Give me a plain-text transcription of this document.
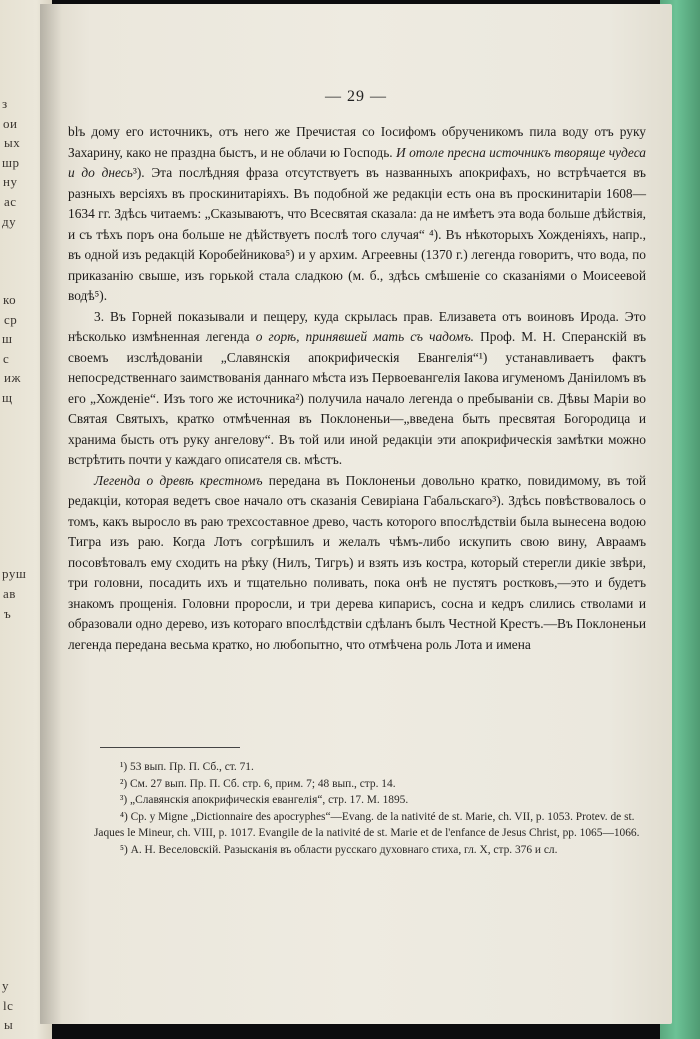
з
ои
ых
шр
ну
ас
ду
ко
ср
ш
с
иж
щ
руш
ав
ъ
у
lc
ы
— 29 —

blъ дому его источникъ, отъ него же Пречистая со Іосифомъ обрученикомъ пила воду отъ руку Захарину, како не праздна быстъ, и не облачи ю Господь. И отоле пресна источникъ творяще чудеса и до днесь³). Эта послѣдняя фраза отсутствуетъ въ названныхъ апокрифахъ, но встрѣчается въ разныхъ версіяхъ въ проскинитаріяхъ. Въ подобной же редакціи есть она въ проскинитаріи 1608—1634 гг. Здѣсь читаемъ: „Сказываютъ, что Всесвятая сказала: да не имѣетъ эта вода больше дѣйствія, и съ тѣхъ поръ она больше не дѣйствуетъ послѣ того случая“ ⁴). Въ нѣкоторыхъ Хожденіяхъ, напр., въ одной изъ редакцій Коробейникова⁵) и у архим. Агреевны (1370 г.) легенда говоритъ, что вода, по приказанію свыше, изъ горькой стала сладкою (м. б., здѣсь смѣшеніе со сказаніями о Моисеевой водѣ⁵).

3. Въ Горней показывали и пещеру, куда скрылась прав. Елизавета отъ воиновъ Ирода. Это нѣсколько измѣненная легенда о горѣ, принявшей мать съ чадомъ. Проф. М. Н. Сперанскій въ своемъ изслѣдованіи „Славянскія апокрифическія Евангелія“¹) устанавливаетъ фактъ непосредственнаго заимствованія даннаго мѣста изъ Первоевангелія Іакова игуменомъ Даніиломъ въ его „Хожденіе“. Изъ того же источника²) получила начало легенда о пребываніи св. Дѣвы Маріи во Святая Святыхъ, кратко отмѣченная въ Поклоненьи—„введена быть пресвятая Богородица и хранима бысть отъ руку ангелову“. Въ той или иной редакціи эти апокрифическія замѣтки можно встрѣтить почти у каждаго описателя св. мѣстъ.

Легенда о древѣ крестномъ передана въ Поклоненьи довольно кратко, повидимому, въ той редакціи, которая ведетъ свое начало отъ сказанія Севиріана Габальскаго³). Здѣсь повѣствовалось о томъ, какъ выросло въ раю трехсоставное древо, часть которого впослѣдствіи была вынесена водою Тигра изъ раю. Когда Лотъ согрѣшилъ и желалъ чѣмъ-либо искупить свою вину, Авраамъ посовѣтовалъ ему сходить на рѣку (Нилъ, Тигръ) и взять изъ костра, который стерегли дикіе звѣри, три головни, посадить ихъ и тщательно поливать, пока онѣ не пустятъ ростковъ,—это и будетъ знакомъ прощенія. Головни проросли, и три дерева кипарисъ, сосна и кедръ слились стволами и образовали одно дерево, изъ котораго впослѣдствіи сдѣланъ былъ Честной Крестъ.—Въ Поклоненьи легенда передана весьма кратко, но любопытно, что отмѣчена роль Лота и имена

¹) 53 вып. Пр. П. Сб., ст. 71.

²) См. 27 вып. Пр. П. Сб. стр. 6, прим. 7; 48 вып., стр. 14.

³) „Славянскія апокрифическія евангелія“, стр. 17. М. 1895.

⁴) Ср. у Migne „Dictionnaire des apocryphes“—Evang. de la nativité de st. Marie, ch. VII, p. 1053. Protev. de st. Jaques le Mineur, ch. VIII, p. 1017. Evangile de la nativité de st. Marie et de l'enfance de Jesus Christ, pp. 1065—1066.

⁵) А. Н. Веселовскій. Разысканія въ области русскаго духовнаго стиха, гл. X, стр. 376 и сл.
